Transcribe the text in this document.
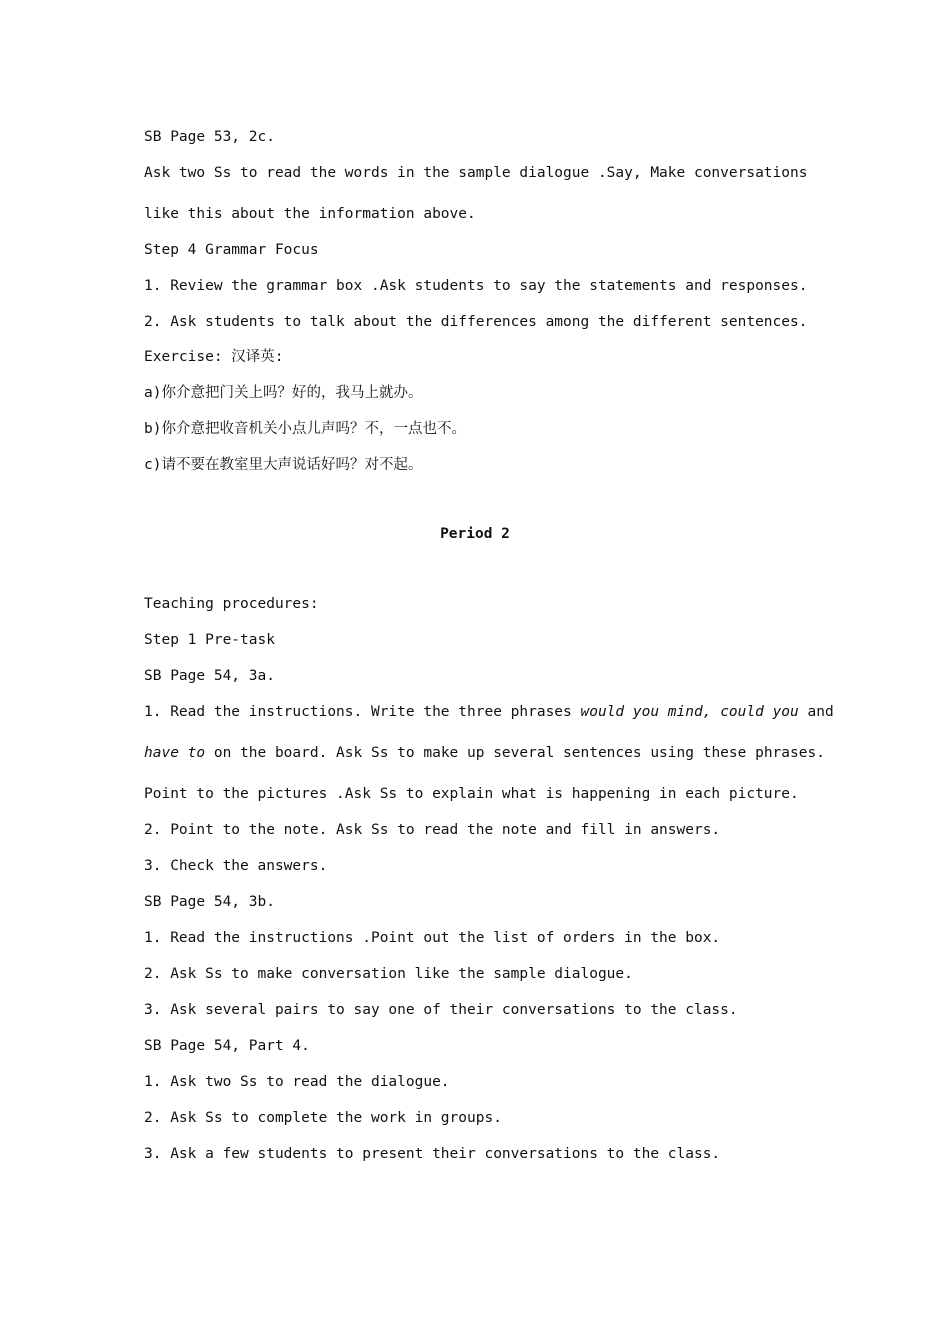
SB Page 53, 2c.
Ask two Ss to read the words in the sample dialogue .Say, Make conversations
like this about the information above.
Step 4 Grammar Focus
1. Review the grammar box .Ask students to say the statements and responses.
2. Ask students to talk about the differences among the different sentences.
Exercise: 汉译英:
a)你介意把门关上吗？好的，我马上就办。
b)你介意把收音机关小点儿声吗？不，一点也不。
c)请不要在教室里大声说话好吗？对不起。
Period 2
Teaching procedures:
Step 1 Pre-task
SB Page 54, 3a.
1. Read the instructions. Write the three phrases would you mind, could you and
have to on the board. Ask Ss to make up several sentences using these phrases.
Point to the pictures .Ask Ss to explain what is happening in each picture.
2. Point to the note. Ask Ss to read the note and fill in answers.
3. Check the answers.
SB Page 54, 3b.
1. Read the instructions .Point out the list of orders in the box.
2. Ask Ss to make conversation like the sample dialogue.
3. Ask several pairs to say one of their conversations to the class.
SB Page 54, Part 4.
1. Ask two Ss to read the dialogue.
2. Ask Ss to complete the work in groups.
3. Ask a few students to present their conversations to the class.
